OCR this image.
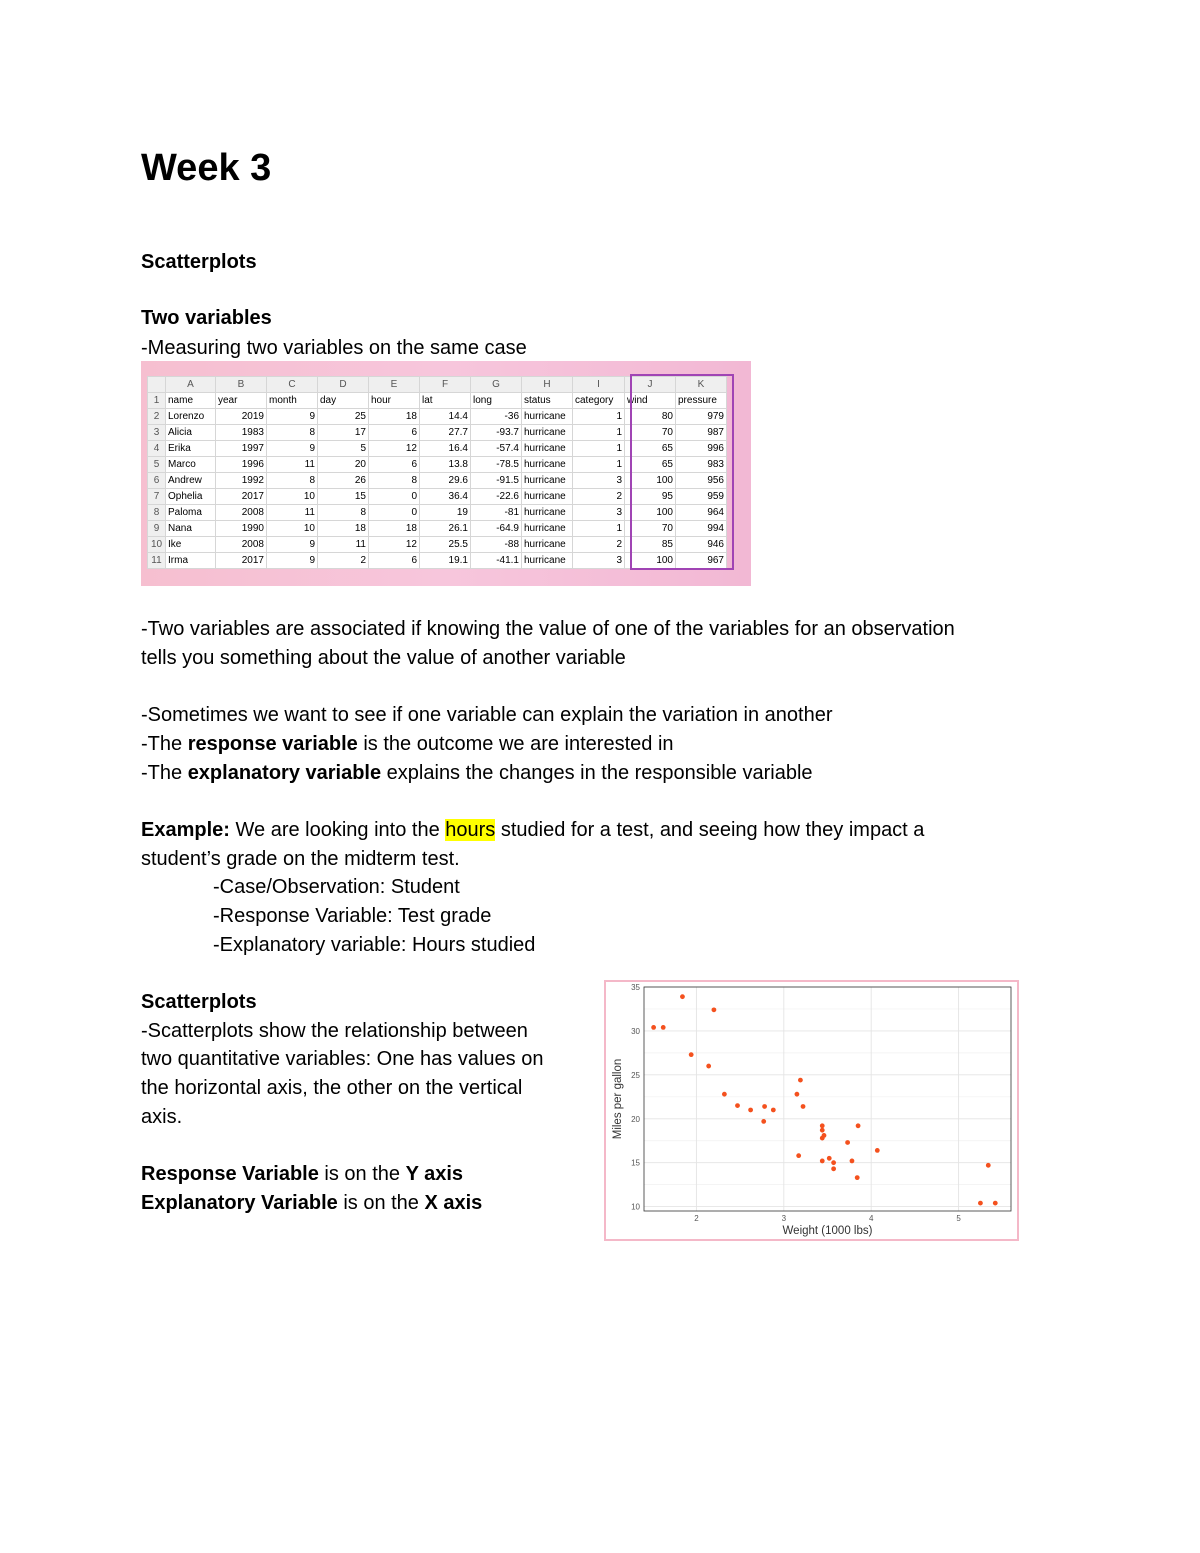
Week 3
Scatterplots
Two variables
-Measuring two variables on the same case
	A	B	C	D	E	F	G	H	I	J	K
1	name	year	month	day	hour	lat	long	status	category	wind	pressure
2	Lorenzo	2019	9	25	18	14.4	-36	hurricane	1	80	979
3	Alicia	1983	8	17	6	27.7	-93.7	hurricane	1	70	987
4	Erika	1997	9	5	12	16.4	-57.4	hurricane	1	65	996
5	Marco	1996	11	20	6	13.8	-78.5	hurricane	1	65	983
6	Andrew	1992	8	26	8	29.6	-91.5	hurricane	3	100	956
7	Ophelia	2017	10	15	0	36.4	-22.6	hurricane	2	95	959
8	Paloma	2008	11	8	0	19	-81	hurricane	3	100	964
9	Nana	1990	10	18	18	26.1	-64.9	hurricane	1	70	994
10	Ike	2008	9	11	12	25.5	-88	hurricane	2	85	946
11	Irma	2017	9	2	6	19.1	-41.1	hurricane	3	100	967
-Two variables are associated if knowing the value of one of the variables for an observation
tells you something about the value of another variable
-Sometimes we want to see if one variable can explain the variation in another
-The response variable is the outcome we are interested in
-The explanatory variable explains the changes in the responsible variable
Example: We are looking into the hours studied for a test, and seeing how they impact a
student’s grade on the midterm test.
-Case/Observation: Student
-Response Variable: Test grade
-Explanatory variable: Hours studied
Scatterplots
-Scatterplots show the relationship between
two quantitative variables: One has values on
the horizontal axis, the other on the vertical
axis.
Response Variable is on the Y axis
Explanatory Variable is on the X axis
2	3	4	5
10
15
20
25
30
35
Weight (1000 lbs)
Miles per gallon
